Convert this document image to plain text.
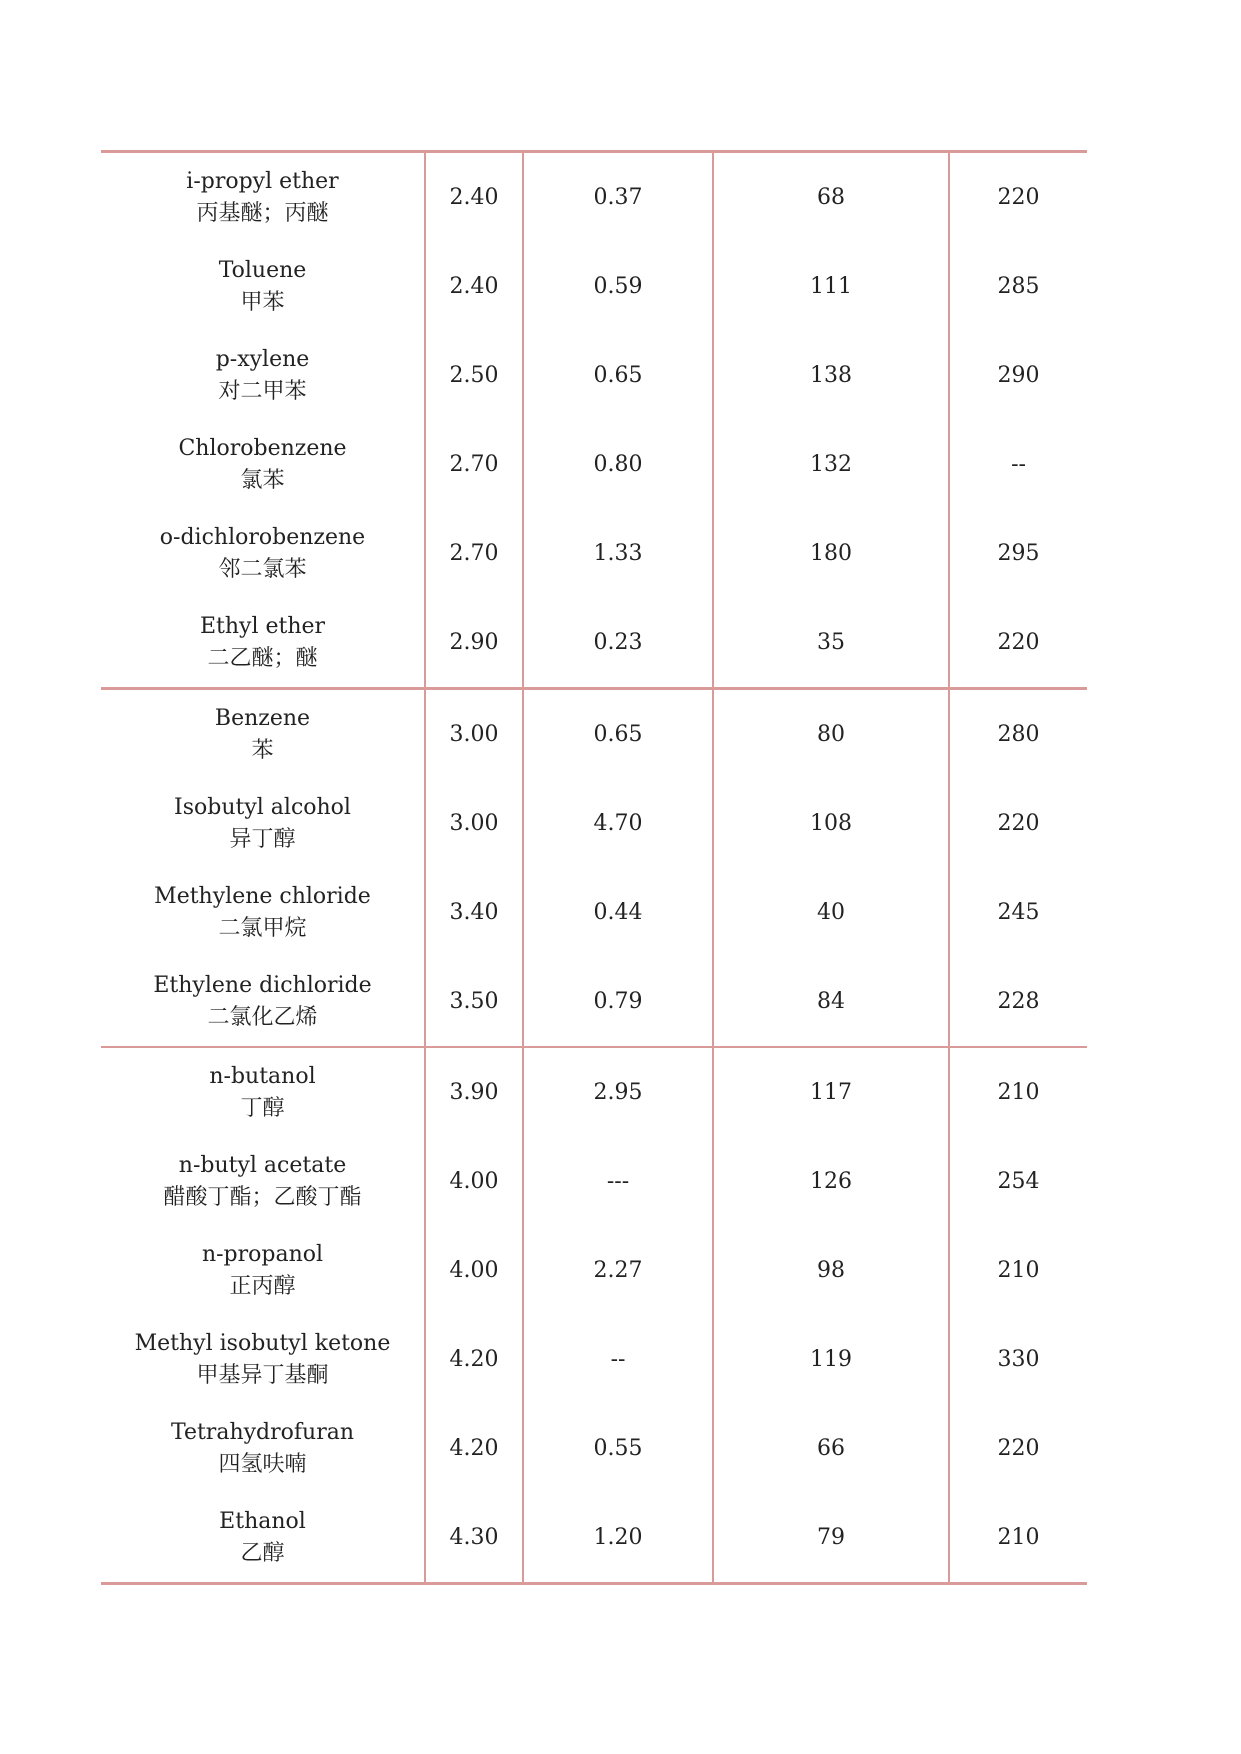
i-propyl ether
丙基醚；丙醚	2.40	0.37	68	220

Toluene
甲苯	2.40	0.59	111	285

p-xylene
对二甲苯	2.50	0.65	138	290

Chlorobenzene
氯苯	2.70	0.80	132	--

o-dichlorobenzene
邻二氯苯	2.70	1.33	180	295

Ethyl ether
二乙醚；醚	2.90	0.23	35	220

Benzene
苯	3.00	0.65	80	280

Isobutyl alcohol
异丁醇	3.00	4.70	108	220

Methylene chloride
二氯甲烷	3.40	0.44	40	245

Ethylene dichloride
二氯化乙烯	3.50	0.79	84	228

n-butanol
丁醇	3.90	2.95	117	210

n-butyl acetate
醋酸丁酯；乙酸丁酯	4.00	---	126	254

n-propanol
正丙醇	4.00	2.27	98	210

Methyl isobutyl ketone
甲基异丁基酮	4.20	--	119	330

Tetrahydrofuran
四氢呋喃	4.20	0.55	66	220

Ethanol
乙醇	4.30	1.20	79	210
